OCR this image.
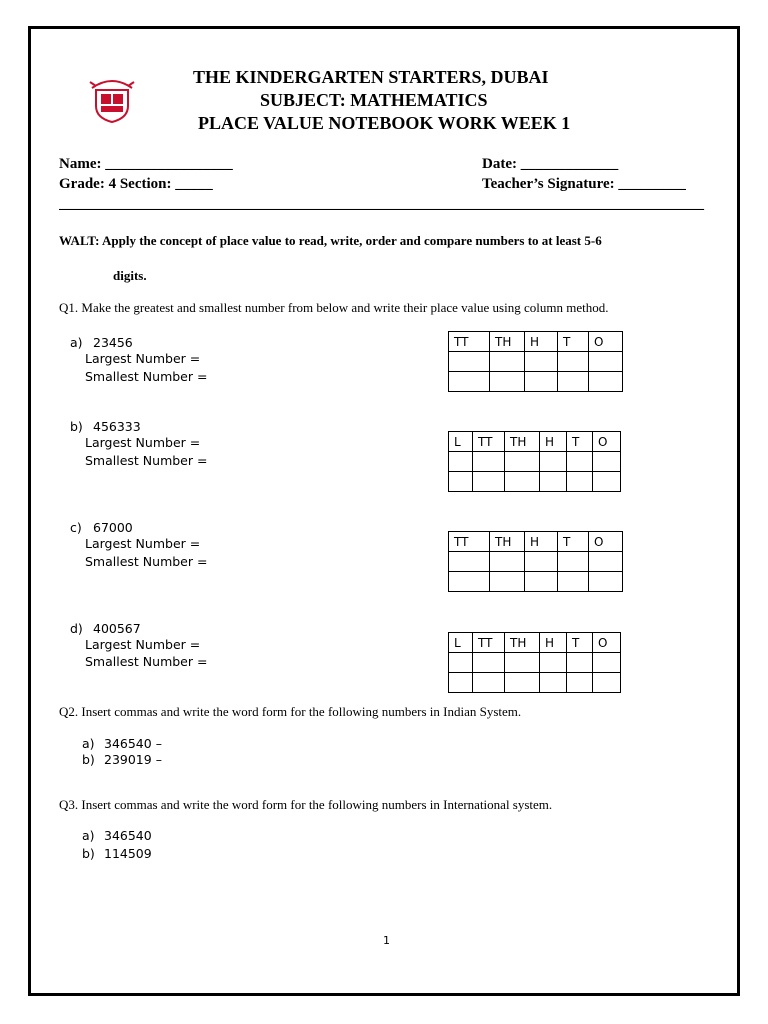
THE KINDERGARTEN STARTERS, DUBAI
SUBJECT: MATHEMATICS
PLACE VALUE NOTEBOOK WORK WEEK 1
Name: _________________	Date: _____________
Grade: 4 Section: _____	Teacher’s Signature: _________
______________________________________________________________________________________
WALT: Apply the concept of place value to read, write, order and compare numbers to at least 5-6
digits.
Q1. Make the greatest and smallest number from below and write their place value using column method.
a) 23456
Largest Number =
Smallest Number =
TT	TH	H	T	O

b) 456333
Largest Number =
Smallest Number =
L	TT	TH	H	T	O

c) 67000
Largest Number =
Smallest Number =
TT	TH	H	T	O

d) 400567
Largest Number =
Smallest Number =
L	TT	TH	H	T	O

Q2. Insert commas and write the word form for the following numbers in Indian System.
a) 346540 –
b) 239019 –
Q3. Insert commas and write the word form for the following numbers in International system.
a) 346540
b) 114509
1
